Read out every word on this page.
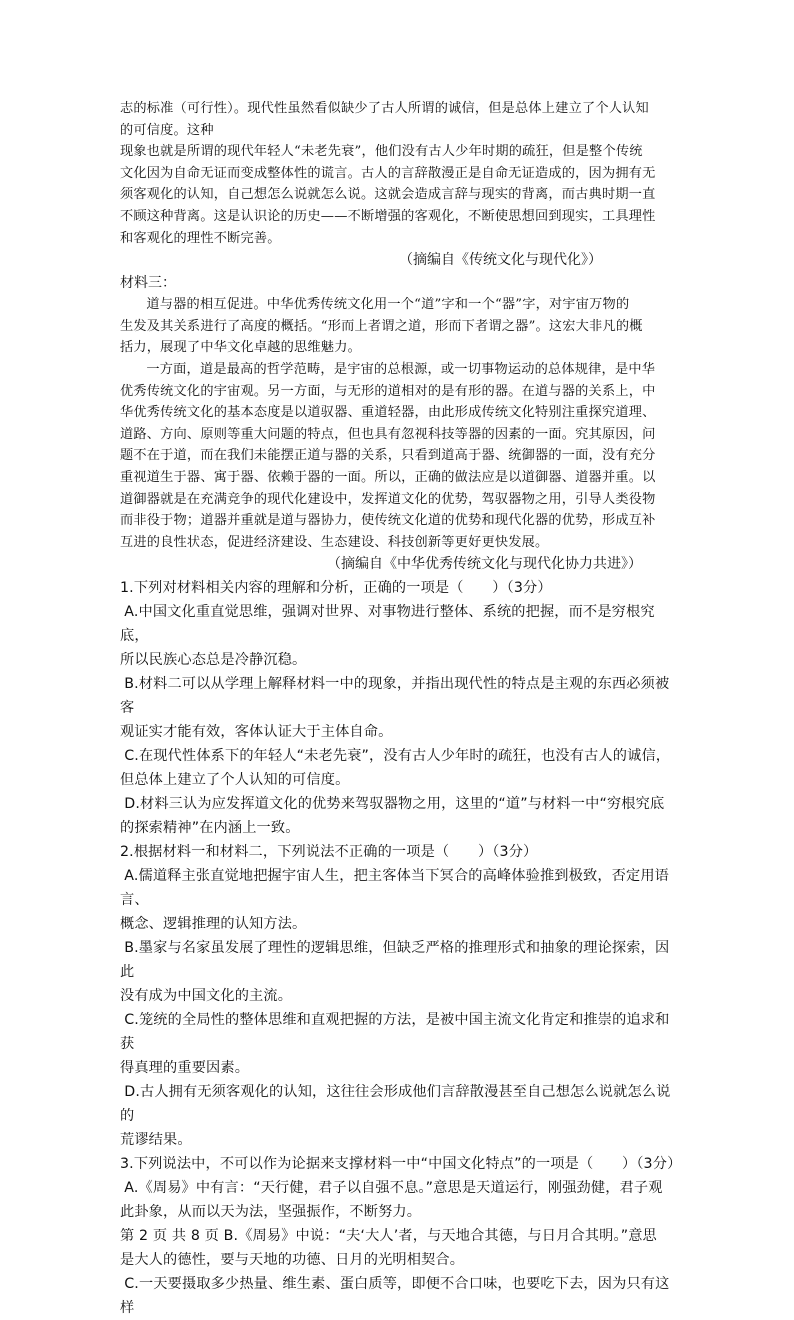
志的标准（可行性）。现代性虽然看似缺少了古人所谓的诚信，但是总体上建立了个人认知

的可信度。这种

现象也就是所谓的现代年轻人“未老先衰”，他们没有古人少年时期的疏狂，但是整个传统

文化因为自命无证而变成整体性的谎言。古人的言辞散漫正是自命无证造成的，因为拥有无

须客观化的认知，自己想怎么说就怎么说。这就会造成言辞与现实的背离，而古典时期一直

不顾这种背离。这是认识论的历史——不断增强的客观化，不断使思想回到现实，工具理性

和客观化的理性不断完善。

（摘编自《传统文化与现代化》）

材料三：

道与器的相互促进。中华优秀传统文化用一个“道”字和一个“器”字，对宇宙万物的

生发及其关系进行了高度的概括。“形而上者谓之道，形而下者谓之器”。这宏大非凡的概

括力，展现了中华文化卓越的思维魅力。

一方面，道是最高的哲学范畴，是宇宙的总根源，或一切事物运动的总体规律，是中华

优秀传统文化的宇宙观。另一方面，与无形的道相对的是有形的器。在道与器的关系上，中

华优秀传统文化的基本态度是以道驭器、重道轻器，由此形成传统文化特别注重探究道理、

道路、方向、原则等重大问题的特点，但也具有忽视科技等器的因素的一面。究其原因，问

题不在于道，而在我们未能摆正道与器的关系，只看到道高于器、统御器的一面，没有充分

重视道生于器、寓于器、依赖于器的一面。所以，正确的做法应是以道御器、道器并重。以

道御器就是在充满竞争的现代化建设中，发挥道文化的优势，驾驭器物之用，引导人类役物

而非役于物；道器并重就是道与器协力，使传统文化道的优势和现代化器的优势，形成互补

互进的良性状态，促进经济建设、生态建设、科技创新等更好更快发展。

（摘编自《中华优秀传统文化与现代化协力共进》）

1.下列对材料相关内容的理解和分析，正确的一项是（　　）（3分）

A.中国文化重直觉思维，强调对世界、对事物进行整体、系统的把握，而不是穷根究底，

所以民族心态总是冷静沉稳。

B.材料二可以从学理上解释材料一中的现象，并指出现代性的特点是主观的东西必须被客

观证实才能有效，客体认证大于主体自命。

C.在现代性体系下的年轻人“未老先衰”，没有古人少年时的疏狂，也没有古人的诚信，

但总体上建立了个人认知的可信度。

D.材料三认为应发挥道文化的优势来驾驭器物之用，这里的“道”与材料一中“穷根究底

的探索精神”在内涵上一致。

2.根据材料一和材料二，下列说法不正确的一项是（　　）（3分）

A.儒道释主张直觉地把握宇宙人生，把主客体当下冥合的高峰体验推到极致，否定用语言、

概念、逻辑推理的认知方法。

B.墨家与名家虽发展了理性的逻辑思维，但缺乏严格的推理形式和抽象的理论探索，因此

没有成为中国文化的主流。

C.笼统的全局性的整体思维和直观把握的方法，是被中国主流文化肯定和推崇的追求和获

得真理的重要因素。

D.古人拥有无须客观化的认知，这往往会形成他们言辞散漫甚至自己想怎么说就怎么说的

荒谬结果。

3.下列说法中，不可以作为论据来支撑材料一中“中国文化特点”的一项是（　　）（3分）

A.《周易》中有言：“天行健，君子以自强不息。”意思是天道运行，刚强劲健，君子观

此卦象，从而以天为法，坚强振作，不断努力。

第 2 页 共 8 页 B.《周易》中说：“夫‘大人’者，与天地合其德，与日月合其明。”意思

是大人的德性，要与天地的功德、日月的光明相契合。

C.一天要摄取多少热量、维生素、蛋白质等，即便不合口味，也要吃下去，因为只有这样
